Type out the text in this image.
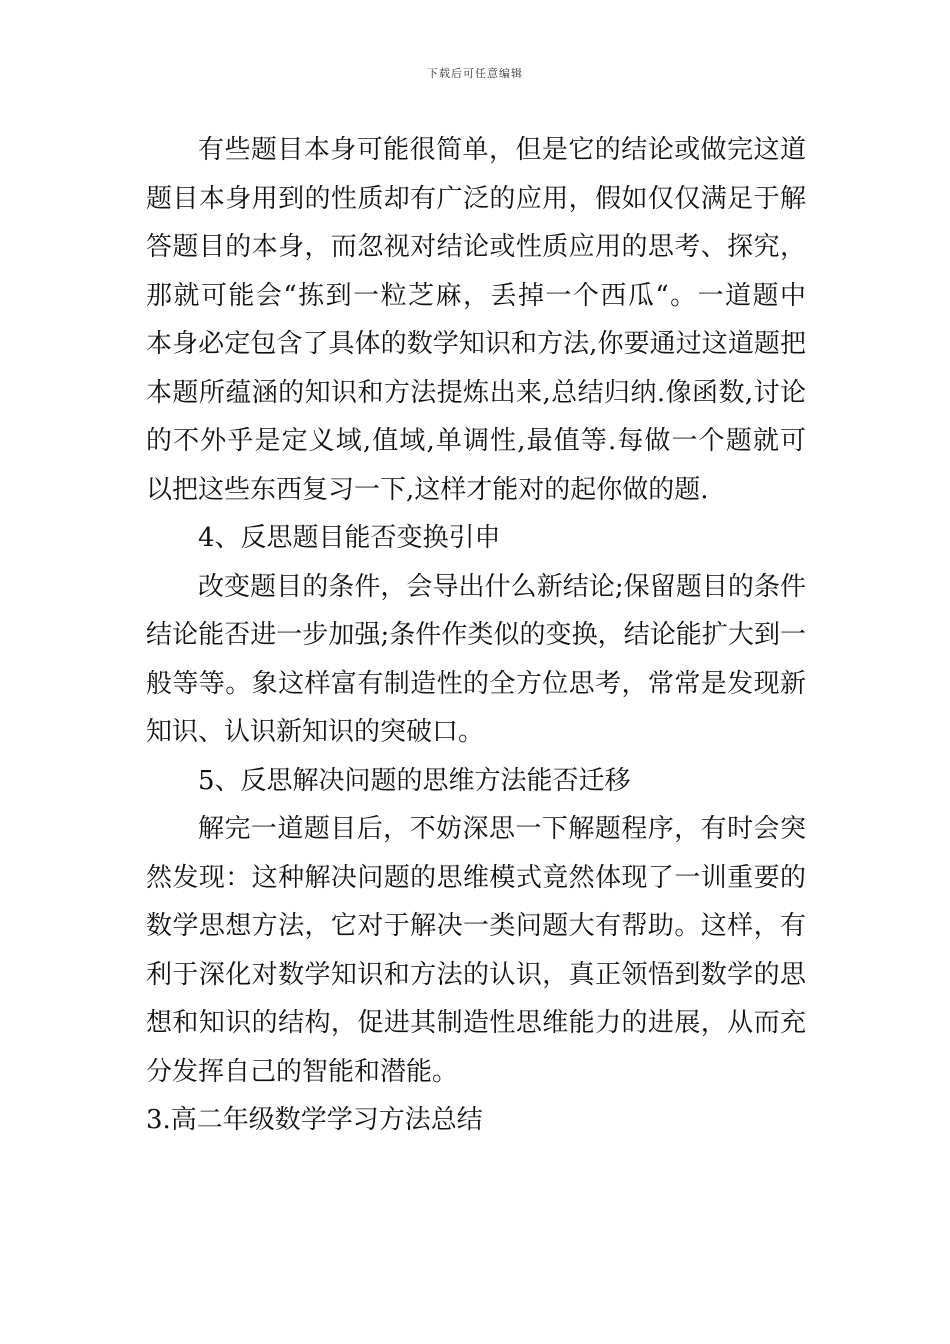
下载后可任意编辑
有些题目本身可能很简单，但是它的结论或做完这道
题目本身用到的性质却有广泛的应用，假如仅仅满足于解
答题目的本身，而忽视对结论或性质应用的思考、探究，
那就可能会“拣到一粒芝麻，丢掉一个西瓜“。一道题中
本身必定包含了具体的数学知识和方法,你要通过这道题把
本题所蕴涵的知识和方法提炼出来,总结归纳.像函数,讨论
的不外乎是定义域,值域,单调性,最值等.每做一个题就可
以把这些东西复习一下,这样才能对的起你做的题.
4、反思题目能否变换引申
改变题目的条件，会导出什么新结论;保留题目的条件
结论能否进一步加强;条件作类似的变换，结论能扩大到一
般等等。象这样富有制造性的全方位思考，常常是发现新
知识、认识新知识的突破口。
5、反思解决问题的思维方法能否迁移
解完一道题目后，不妨深思一下解题程序，有时会突
然发现：这种解决问题的思维模式竟然体现了一训重要的
数学思想方法，它对于解决一类问题大有帮助。这样，有
利于深化对数学知识和方法的认识，真正领悟到数学的思
想和知识的结构，促进其制造性思维能力的进展，从而充
分发挥自己的智能和潜能。
3.高二年级数学学习方法总结
